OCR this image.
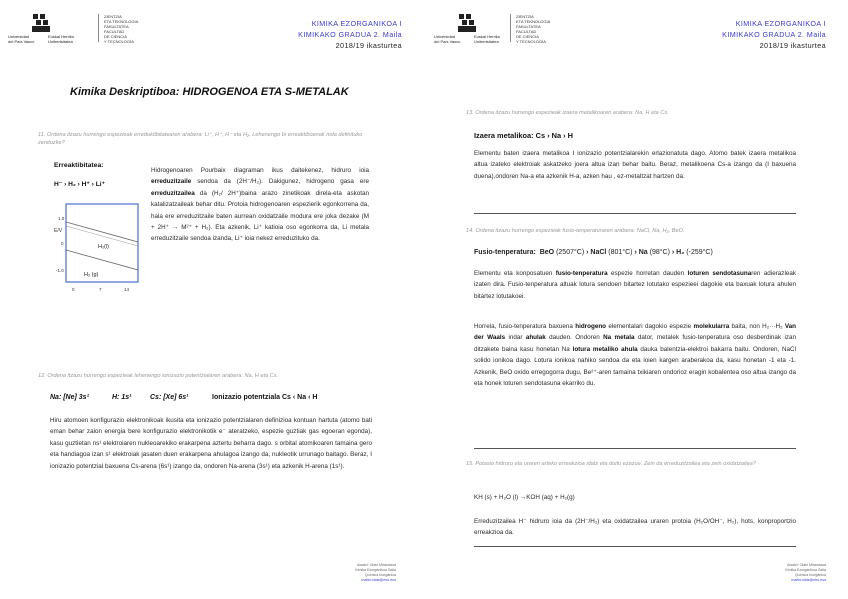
Universidad
del País Vasco
Euskal Herriko
Unibertsitatea
ZIENTZIA
ETA TEKNOLOGIA
FAKULTATEA
FACULTAD
DE CIENCIA
Y TECNOLOGÍA
KIMIKA EZORGANIKOA I
KIMIKAKO GRADUA 2. Maila
2018/19 ikasturtea
Kimika Deskriptiboa: HIDROGENOA ETA S-METALAK
11. Ordena itzazu hurrengo espezieak erreduktibitatearen arabera: Li⁺, H⁺, H⁻ eta H₂. Lehenengo bi erreaktiboenak nola definituko zenituzke?
Erreaktibitatea:
H⁻ › H₂ › H⁺ › Li⁺
Hidrogenoaren Pourbaix diagraman ikus daitekenez, hidruro ioia erreduzitzaile sendoa da (2H⁻/H₂). Dakigunez, hidrogeno gasa ere erreduzitzailea da (H₂/ 2H⁺)baina arazo zinetikoak direla-eta askotan katalizatzaileak behar ditu. Protoia hidrogenoaren espezierik egonkorrena da, hala ere erreduzitzaile baten aurrean oxidatzaile modura ere joka dezake (M + 2H⁺ → M²⁺ + H₂). Eta azkenik, Li⁺ katioia oso egonkorra da, Li metala erreduzitzaile sendoa izanda, Li⁺ ioia nekez erreduzituko da.
E/V
1.0
0
-1.0
H₂(l)
H₂ (g)
0	7	14
12. Ordena itzazu hurrengo espezieak lehenengo ionizazio potentzialaren arabera: Na, H eta Cs.
Na: [Ne] 3s¹	H: 1s¹	Cs: [Xe] 6s¹	Ionizazio potentziala Cs ‹ Na ‹ H
Hiru atomoen konfigurazio elektronikoak ikusita eta ionizazio potentzialaren definizioa kontuan hartuta (atomo bati eman behar zaion energia bere konfigurazio elektronikotik e⁻ ateratzeko, espezie guztiak gas egoeran egonda), kasu guztietan ns¹ elektroiaren nukleoarekiko erakarpena aztertu beharra dago. s orbital atomikoaren tamaina gero eta handiagoa izan s¹ elektroiak jasaten duen erakarpena ahulagoa izango da, nukleotik urrunago baitago. Beraz, I ionizazio potentzial baxuena Cs-arena (6s¹) izango da, ondoren Na-arena (3s¹) eta azkenik H-arena (1s¹).
Aisatzi: Olatz Mirandaua
Kimika Ezorganikoa Saila
Química Inorgánica
mailto:olatz@ehu.eus
Universidad
del País Vasco
Euskal Herriko
Unibertsitatea
ZIENTZIA
ETA TEKNOLOGIA
FAKULTATEA
FACULTAD
DE CIENCIA
Y TECNOLOGÍA
KIMIKA EZORGANIKOA I
KIMIKAKO GRADUA 2. Maila
2018/19 ikasturtea
13. Ordena itzazu hurrengo espezieak izaera metalikoaren arabera: Na, H eta Cs.
Izaera metalikoa: Cs › Na › H
Elementu baten izaera metalikoa I ionizazio potentzialarekin erlazionatuta dago. Atomo batek izaera metalikoa altua izateko elektroiak askatzeko joera altua izan behar baitu. Beraz, metalikoena Cs-a izango da (I baxuena duena),ondoren Na-a eta azkenik H-a, azken hau , ez-metaltzat hartzen da.
14. Ordena itzazu hurrengo espezieak fusio-tenperaturaren arabera: NaCl, Na, H₂, BeO.
Fusio-tenperatura: BeO (2507°C) › NaCl (801°C) › Na (98°C) › H₂ (-259°C)
Elementu eta konposatuen fusio-tenperatura espezie horretan dauden loturen sendotasunaren adierazleak izaten dira. Fusio-tenperatura altuak lotura sendoen bitartez lotutako espezieei dagokie eta baxuak lotura ahulen bitartez lotutakoei.
Horrela, fusio-tenperatura baxuena hidrogeno elementalari dagokio espezie molekularra baita, non H₂···H₂ Van der Waals indar ahulak dauden. Ondoren Na metala dator, metalek fusio-tenperatura oso desberdinak izan ditzakete baina kasu honetan Na lotura metaliko ahula dauka balentzia-elektroi bakarra baitu. Ondoren, NaCl solido ionikoa dago. Lotura ionikoa nahiko sendoa da eta ioien kargen araberakoa da, kasu honetan -1 eta -1. Azkenik, BeO oxido erregogorra dugu, Be²⁺-aren tamaina txikiaren ondorioz eragin kobalentea oso altua izango da eta honek loturen sendotasuna ekarriko du.
15. Potasio hidruro eta uraren arteko erreakzioa idatz eta doitu ezazue. Zein da erreduzitzailea eta zein oxidatzailea?
KH (s) + H₂O (l) →KOH (aq) + H₂(g)
Erreduzitzailea H⁻ hidruro ioia da (2H⁻/H₂) eta oxidatzailea uraren protoia (H₂O/OH⁻, H₂), hots, konproportzio erreakzioa da.
Aisatzi: Olatz Mirandaua
Kimika Ezorganikoa Saila
Química Inorgánica
mailto:olatz@ehu.eus
